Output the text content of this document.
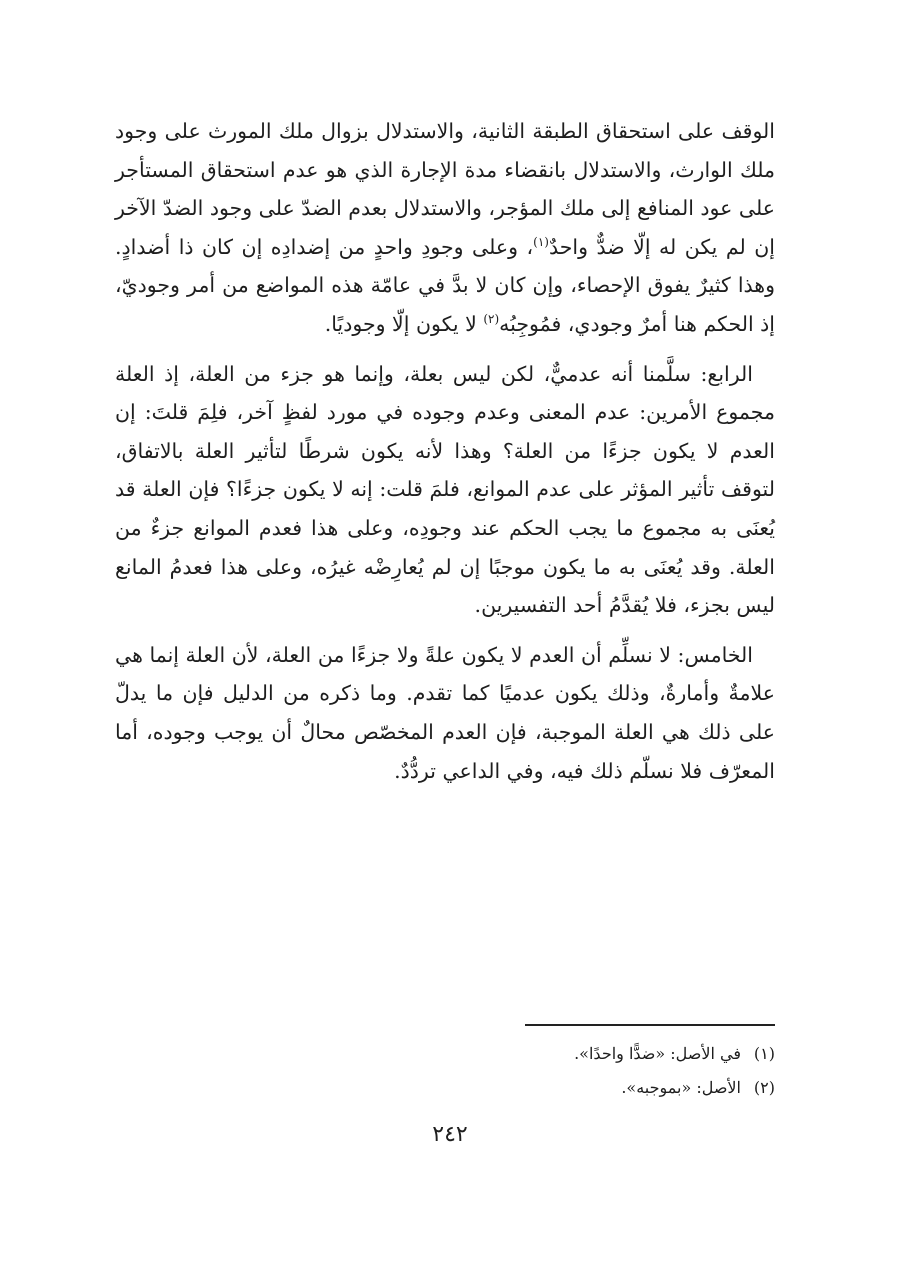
الوقف على استحقاق الطبقة الثانية، والاستدلال بزوال ملك المورث على وجود ملك الوارث، والاستدلال بانقضاء مدة الإجارة الذي هو عدم استحقاق المستأجر على عود المنافع إلى ملك المؤجر، والاستدلال بعدم الضدّ على وجود الضدّ الآخر إن لم يكن له إلّا ضدٌّ واحدٌ$^{(١)}$، وعلى وجودِ واحدٍ من إضدادِه إن كان ذا أضدادٍ. وهذا كثيرٌ يفوق الإحصاء، وإن كان لا بدَّ في عامّة هذه المواضع من أمر وجوديّ، إذ الحكم هنا أمرٌ وجودي، فمُوجِبُه$^{(٢)}$ لا يكون إلّا وجوديًا.

الرابع: سلَّمنا أنه عدميٌّ، لكن ليس بعلة، وإنما هو جزء من العلة، إذ العلة مجموع الأمرين: عدم المعنى وعدم وجوده في مورد لفظٍ آخر، فلِمَ قلتَ: إن العدم لا يكون جزءًا من العلة؟ وهذا لأنه يكون شرطًا لتأثير العلة بالاتفاق، لتوقف تأثير المؤثر على عدم الموانع، فلمَ قلت: إنه لا يكون جزءًا؟ فإن العلة قد يُعنَى به مجموع ما يجب الحكم عند وجودِه، وعلى هذا فعدم الموانع جزءٌ من العلة. وقد يُعنَى به ما يكون موجبًا إن لم يُعارِضْه غيرُه، وعلى هذا فعدمُ المانع ليس بجزء، فلا يُقدَّمُ أحد التفسيرين.

الخامس: لا نسلِّم أن العدم لا يكون علةً ولا جزءًا من العلة، لأن العلة إنما هي علامةٌ وأمارةٌ، وذلك يكون عدميًا كما تقدم. وما ذكره من الدليل فإن ما يدلّ على ذلك هي العلة الموجبة، فإن العدم المخصّص محالٌ أن يوجب وجوده، أما المعرّف فلا نسلّم ذلك فيه، وفي الداعي تردُّدٌ.

(١)في الأصل: «ضدًّا واحدًا».
(٢)الأصل: «بموجبه».
٢٤٢
